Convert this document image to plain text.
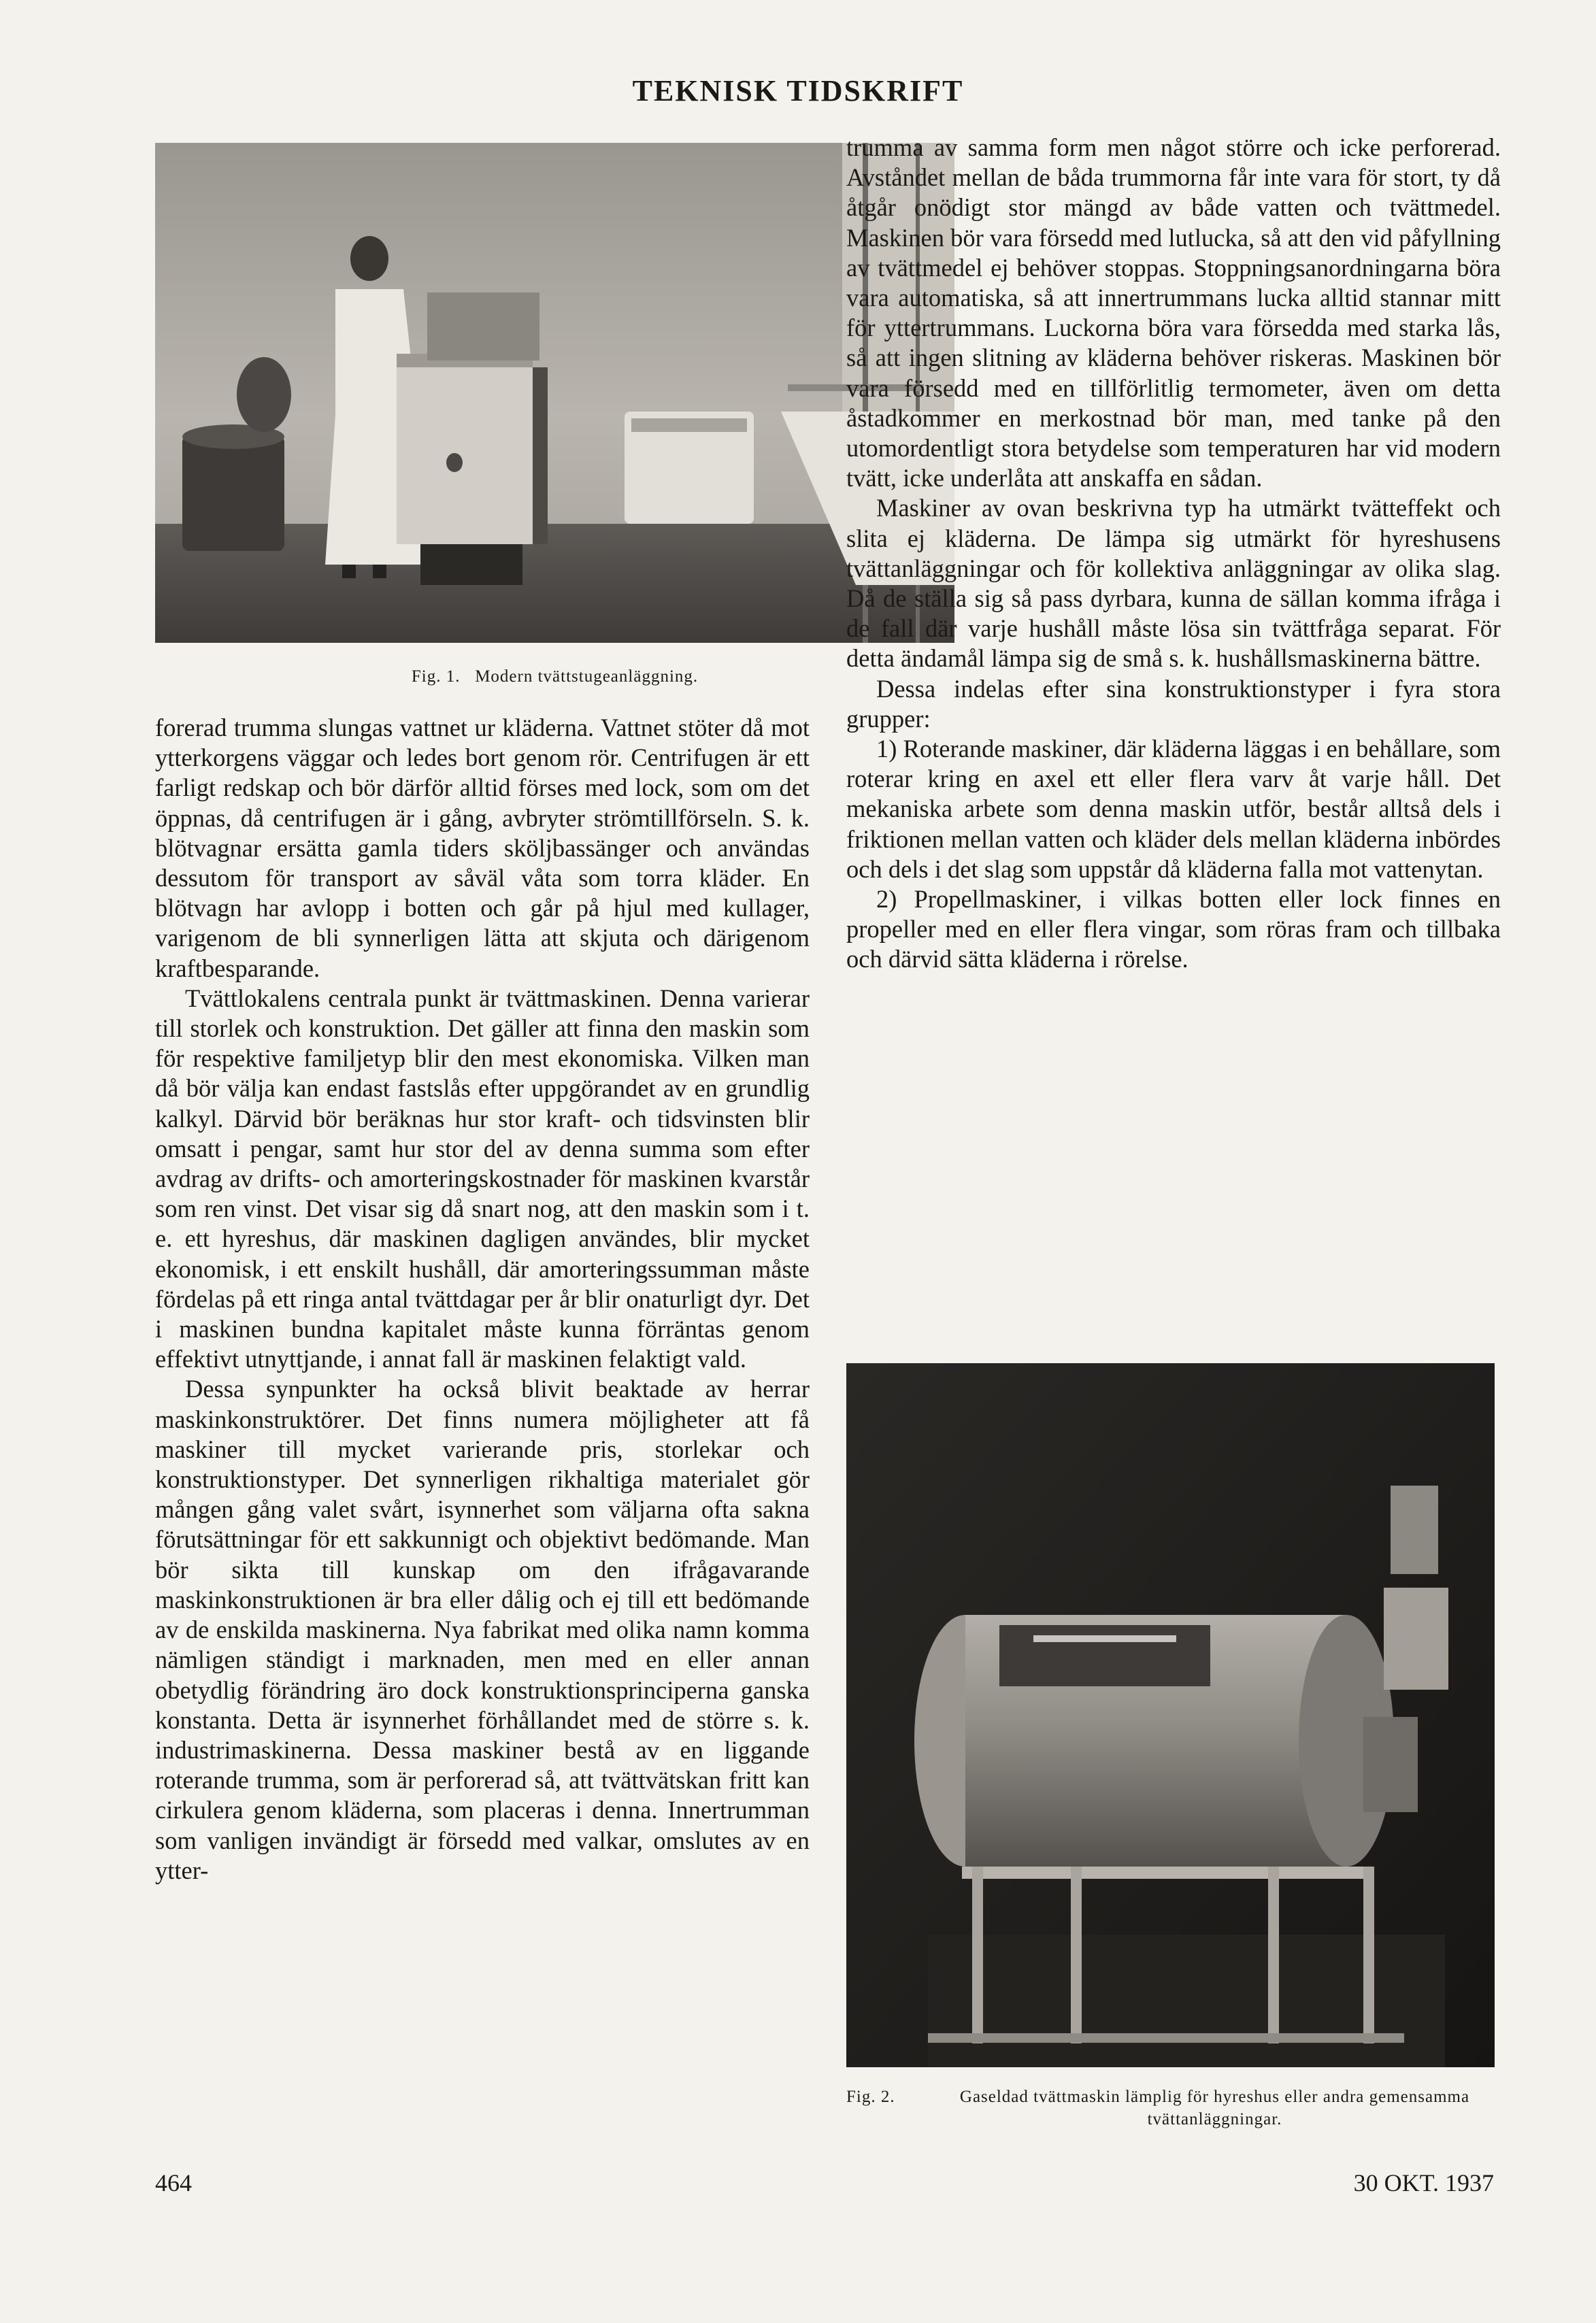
TEKNISK TIDSKRIFT
Fig. 1. Modern tvättstugeanläggning.

forerad trumma slungas vattnet ur kläderna. Vattnet stöter då mot ytterkorgens väggar och ledes bort genom rör. Centrifugen är ett farligt redskap och bör därför alltid förses med lock, som om det öppnas, då centrifugen är i gång, avbryter strömtillförseln. S. k. blötvagnar ersätta gamla tiders sköljbassänger och användas dessutom för transport av såväl våta som torra kläder. En blötvagn har avlopp i botten och går på hjul med kullager, varigenom de bli synnerligen lätta att skjuta och därigenom kraftbesparande.

Tvättlokalens centrala punkt är tvättmaskinen. Denna varierar till storlek och konstruktion. Det gäller att finna den maskin som för respektive familjetyp blir den mest ekonomiska. Vilken man då bör välja kan endast fastslås efter uppgörandet av en grundlig kalkyl. Därvid bör beräknas hur stor kraft- och tidsvinsten blir omsatt i pengar, samt hur stor del av denna summa som efter avdrag av drifts- och amorteringskostnader för maskinen kvarstår som ren vinst. Det visar sig då snart nog, att den maskin som i t. e. ett hyreshus, där maskinen dagligen användes, blir mycket ekonomisk, i ett enskilt hushåll, där amorteringssumman måste fördelas på ett ringa antal tvättdagar per år blir onaturligt dyr. Det i maskinen bundna kapitalet måste kunna förräntas genom effektivt utnyttjande, i annat fall är maskinen felaktigt vald.

Dessa synpunkter ha också blivit beaktade av herrar maskinkonstruktörer. Det finns numera möjligheter att få maskiner till mycket varierande pris, storlekar och konstruktionstyper. Det synnerligen rikhaltiga materialet gör mången gång valet svårt, isynnerhet som väljarna ofta sakna förutsättningar för ett sakkunnigt och objektivt bedömande. Man bör sikta till kunskap om den ifrågavarande maskinkonstruktionen är bra eller dålig och ej till ett bedömande av de enskilda maskinerna. Nya fabrikat med olika namn komma nämligen ständigt i marknaden, men med en eller annan obetydlig förändring äro dock konstruktionsprinciperna ganska konstanta. Detta är isynnerhet förhållandet med de större s. k. industrimaskinerna. Dessa maskiner bestå av en liggande roterande trumma, som är perforerad så, att tvättvätskan fritt kan cirkulera genom kläderna, som placeras i denna. Innertrumman som vanligen invändigt är försedd med valkar, omslutes av en ytter-

trumma av samma form men något större och icke perforerad. Avståndet mellan de båda trummorna får inte vara för stort, ty då åtgår onödigt stor mängd av både vatten och tvättmedel. Maskinen bör vara försedd med lutlucka, så att den vid påfyllning av tvättmedel ej behöver stoppas. Stoppningsanordningarna böra vara automatiska, så att innertrummans lucka alltid stannar mitt för yttertrummans. Luckorna böra vara försedda med starka lås, så att ingen slitning av kläderna behöver riskeras. Maskinen bör vara försedd med en tillförlitlig termometer, även om detta åstadkommer en merkostnad bör man, med tanke på den utomordentligt stora betydelse som temperaturen har vid modern tvätt, icke underlåta att anskaffa en sådan.

Maskiner av ovan beskrivna typ ha utmärkt tvätteffekt och slita ej kläderna. De lämpa sig utmärkt för hyreshusens tvättanläggningar och för kollektiva anläggningar av olika slag. Då de ställa sig så pass dyrbara, kunna de sällan komma ifråga i de fall där varje hushåll måste lösa sin tvättfråga separat. För detta ändamål lämpa sig de små s. k. hushållsmaskinerna bättre.

Dessa indelas efter sina konstruktionstyper i fyra stora grupper:

1) Roterande maskiner, där kläderna läggas i en behållare, som roterar kring en axel ett eller flera varv åt varje håll. Det mekaniska arbete som denna maskin utför, består alltså dels i friktionen mellan vatten och kläder dels mellan kläderna inbördes och dels i det slag som uppstår då kläderna falla mot vattenytan.

2) Propellmaskiner, i vilkas botten eller lock finnes en propeller med en eller flera vingar, som röras fram och tillbaka och därvid sätta kläderna i rörelse.

Fig. 2.	Gaseldad tvättmaskin lämplig för hyreshus eller andra gemensamma tvättanläggningar.
464	30 OKT. 1937
